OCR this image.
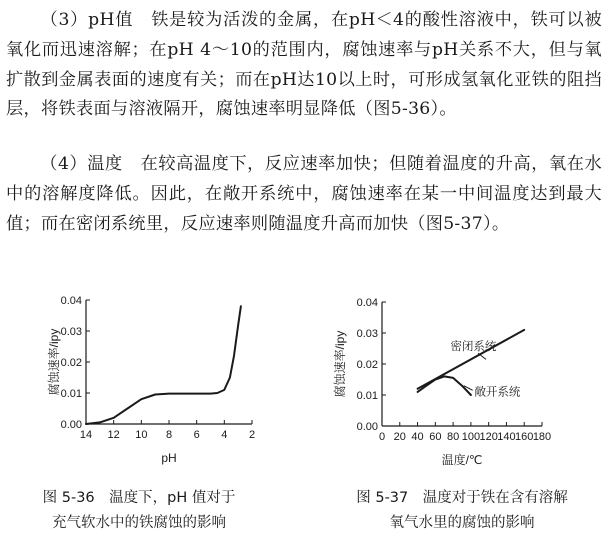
（3）pH值　 铁是较为活泼的金属，在pH＜4的酸性溶液中，铁可以被氧化而迅速溶解；在pH 4～10的范围内，腐蚀速率与pH关系不大，但与氧扩散到金属表面的速度有关；而在pH达10以上时，可形成氢氧化亚铁的阻挡层，将铁表面与溶液隔开，腐蚀速率明显降低（图5-36）。

（4）温度　 在较高温度下，反应速率加快；但随着温度的升高，氧在水中的溶解度降低。因此，在敞开系统中，腐蚀速率在某一中间温度达到最大值；而在密闭系统里，反应速率则随温度升高而加快（图5-37）。

0.00
0.01
0.02
0.03
0.04
14 12 10 8 6 4 2
pH
腐蚀速率/ipy
0.00
0.01
0.02
0.03
0.04
0 20 40 60 80 100 120 140 160 180
温度/℃
腐蚀速率/ipy	密闭系统
敞开系统
图 5-36　温度下，pH 值对于
充气软水中的铁腐蚀的影响
图 5-37　温度对于铁在含有溶解
氧气水里的腐蚀的影响
